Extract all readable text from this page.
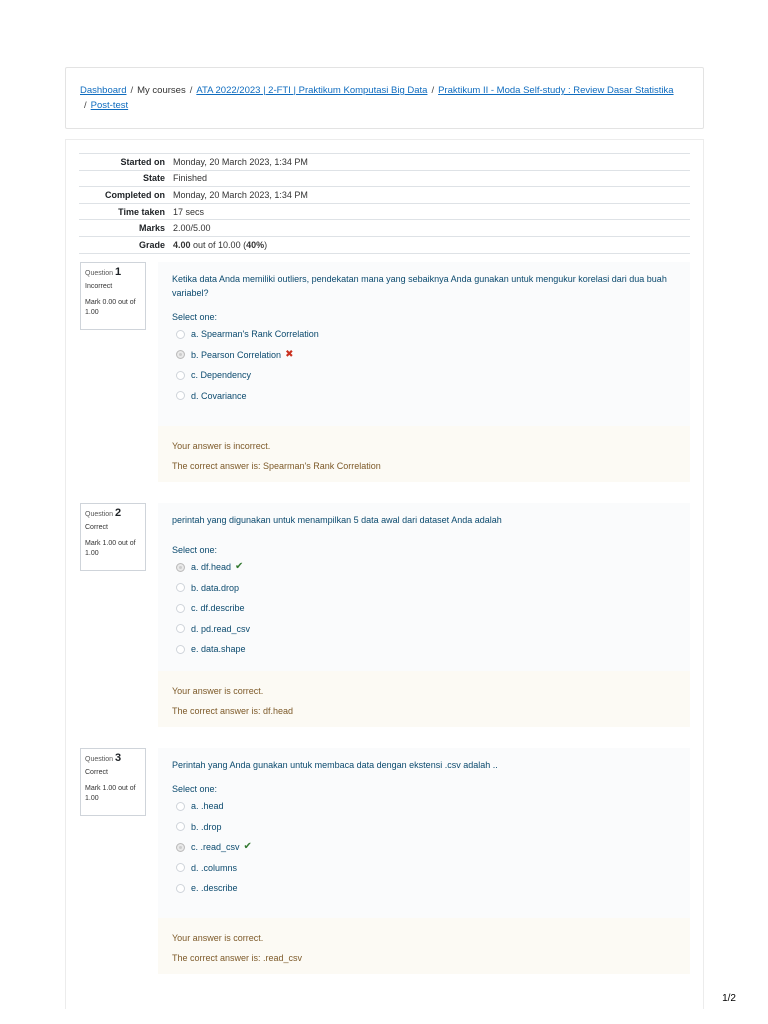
Dashboard / My courses / ATA 2022/2023 | 2-FTI | Praktikum Komputasi Big Data / Praktikum II - Moda Self-study : Review Dasar Statistika
/ Post-test
Started on	Monday, 20 March 2023, 1:34 PM
State	Finished
Completed on	Monday, 20 March 2023, 1:34 PM
Time taken	17 secs
Marks	2.00/5.00
Grade	4.00 out of 10.00 (40%)
Question 1
Incorrect
Mark 0.00 out of 1.00
Ketika data Anda memiliki outliers, pendekatan mana yang sebaiknya Anda gunakan untuk mengukur korelasi dari dua buah variabel?
Select one:
a. Spearman's Rank Correlation
b. Pearson Correlation ✖
c. Dependency
d. Covariance
Your answer is incorrect.
The correct answer is: Spearman's Rank Correlation
Question 2
Correct
Mark 1.00 out of 1.00
perintah yang digunakan untuk menampilkan 5 data awal dari dataset Anda adalah
Select one:
a. df.head ✔
b. data.drop
c. df.describe
d. pd.read_csv
e. data.shape
Your answer is correct.
The correct answer is: df.head
Question 3
Correct
Mark 1.00 out of 1.00
Perintah yang Anda gunakan untuk membaca data dengan ekstensi .csv adalah ..
Select one:
a. .head
b. .drop
c. .read_csv ✔
d. .columns
e. .describe
Your answer is correct.
The correct answer is: .read_csv
1/2
